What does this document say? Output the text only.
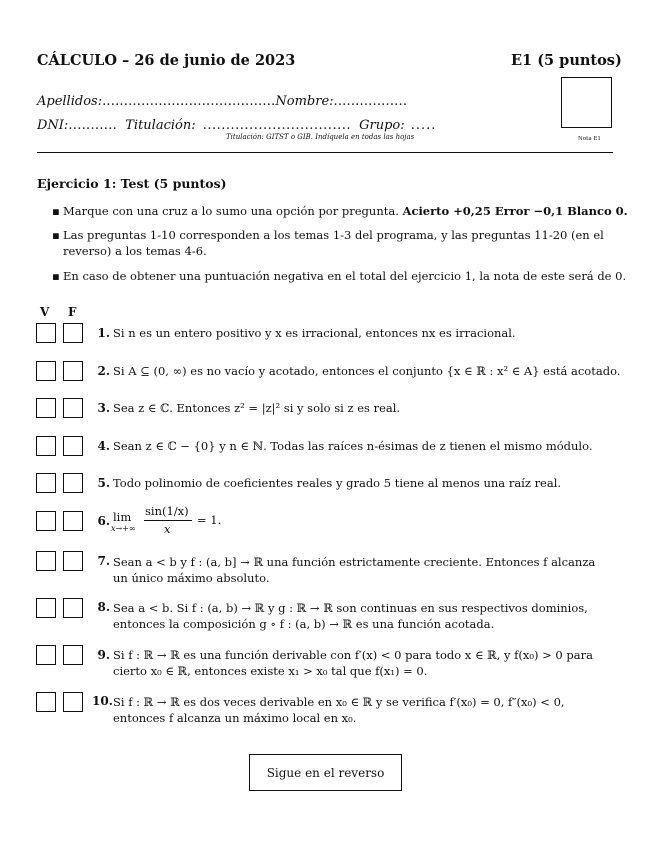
CÁLCULO – 26 de junio de 2023	E1 (5 puntos)
Apellidos:........................................Nombre:.................
DNI:........... Titulación: ................................ Grupo: .....
Titulación: GITST o GIB. Indíquela en todas las hojas	Nota E1
Ejercicio 1: Test (5 puntos)
▪ Marque con una cruz a lo sumo una opción por pregunta. Acierto +0,25 Error −0,1 Blanco 0.
▪ Las preguntas 1-10 corresponden a los temas 1-3 del programa, y las preguntas 11-20 (en el reverso) a los temas 4-6.
▪ En caso de obtener una puntuación negativa en el total del ejercicio 1, la nota de este será de 0.
V F
1.
2.
3.
4.
5.
6.
7.
8.
9.
10.
Si n es un entero positivo y x es irracional, entonces nx es irracional.
Si A ⊆ (0, ∞) es no vacío y acotado, entonces el conjunto {x ∈ ℝ : x² ∈ A} está acotado.
Sea z ∈ ℂ. Entonces z² = |z|² si y solo si z es real.
Sean z ∈ ℂ − {0} y n ∈ ℕ. Todas las raíces n-ésimas de z tienen el mismo módulo.
Todo polinomio de coeficientes reales y grado 5 tiene al menos una raíz real.
lim
x→+∞
sin(1/x)
x
= 1.
Sean a < b y f : (a, b] → ℝ una función estrictamente creciente. Entonces f alcanza un único máximo absoluto.
Sea a < b. Si f : (a, b) → ℝ y g : ℝ → ℝ son continuas en sus respectivos dominios, entonces la composición g ∘ f : (a, b) → ℝ es una función acotada.
Si f : ℝ → ℝ es una función derivable con f′(x) < 0 para todo x ∈ ℝ, y f(x₀) > 0 para cierto x₀ ∈ ℝ, entonces existe x₁ > x₀ tal que f(x₁) = 0.
Si f : ℝ → ℝ es dos veces derivable en x₀ ∈ ℝ y se verifica f′(x₀) = 0, f″(x₀) < 0, entonces f alcanza un máximo local en x₀.
Sigue en el reverso
